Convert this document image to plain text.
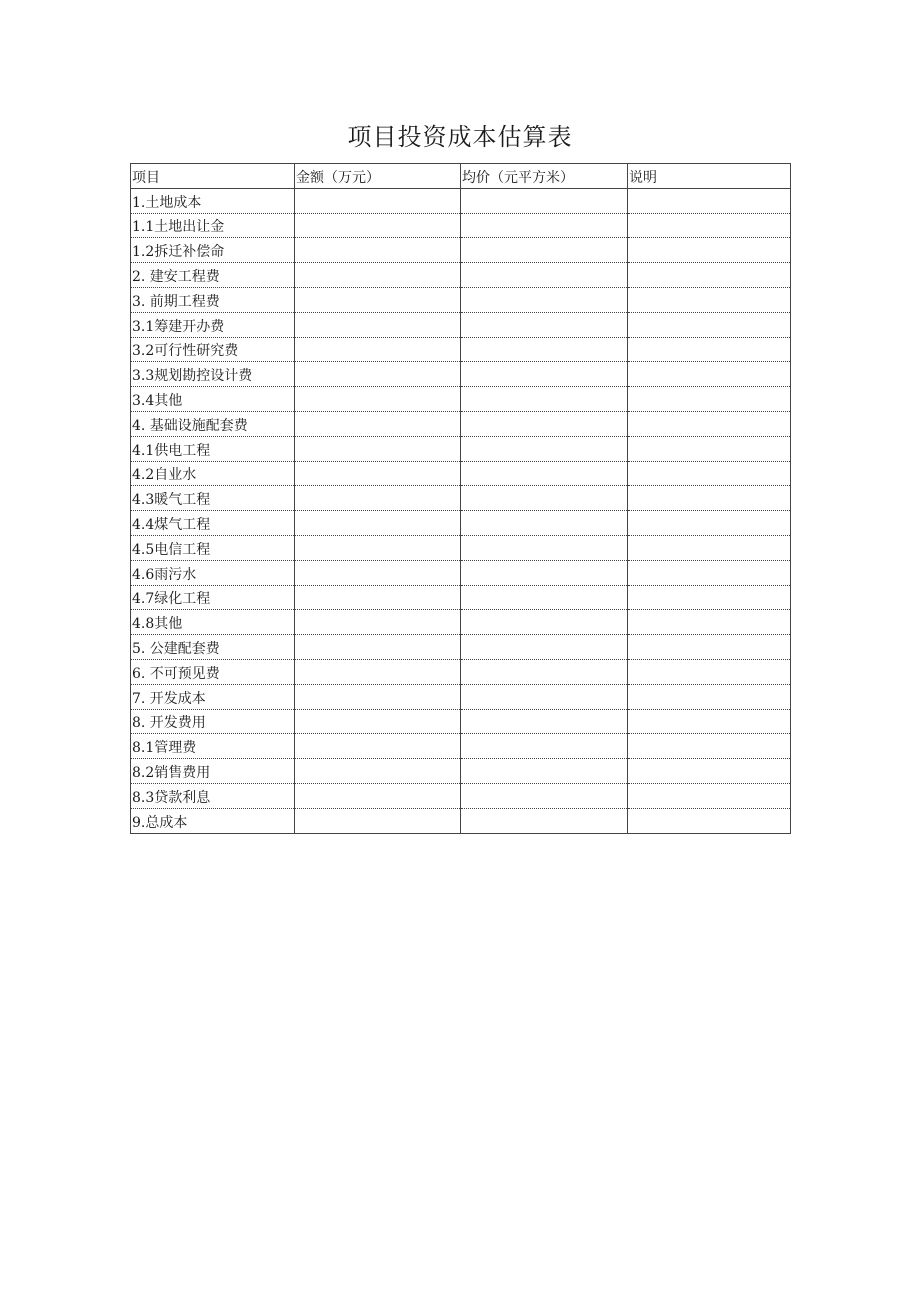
项目投资成本估算表
项目	金额（万元）	均价（元平方米）	说明
1.土地成本			
1.1土地出让金			
1.2拆迁补偿命			
2. 建安工程费			
3. 前期工程费			
3.1筹建开办费			
3.2可行性研究费			
3.3规划勘控设计费			
3.4其他			
4. 基础设施配套费			
4.1供电工程			
4.2自业水			
4.3暖气工程			
4.4煤气工程			
4.5电信工程			
4.6雨污水			
4.7绿化工程			
4.8其他			
5. 公建配套费			
6. 不可预见费			
7. 开发成本			
8. 开发费用			
8.1管理费			
8.2销售费用			
8.3贷款利息			
9.总成本			
